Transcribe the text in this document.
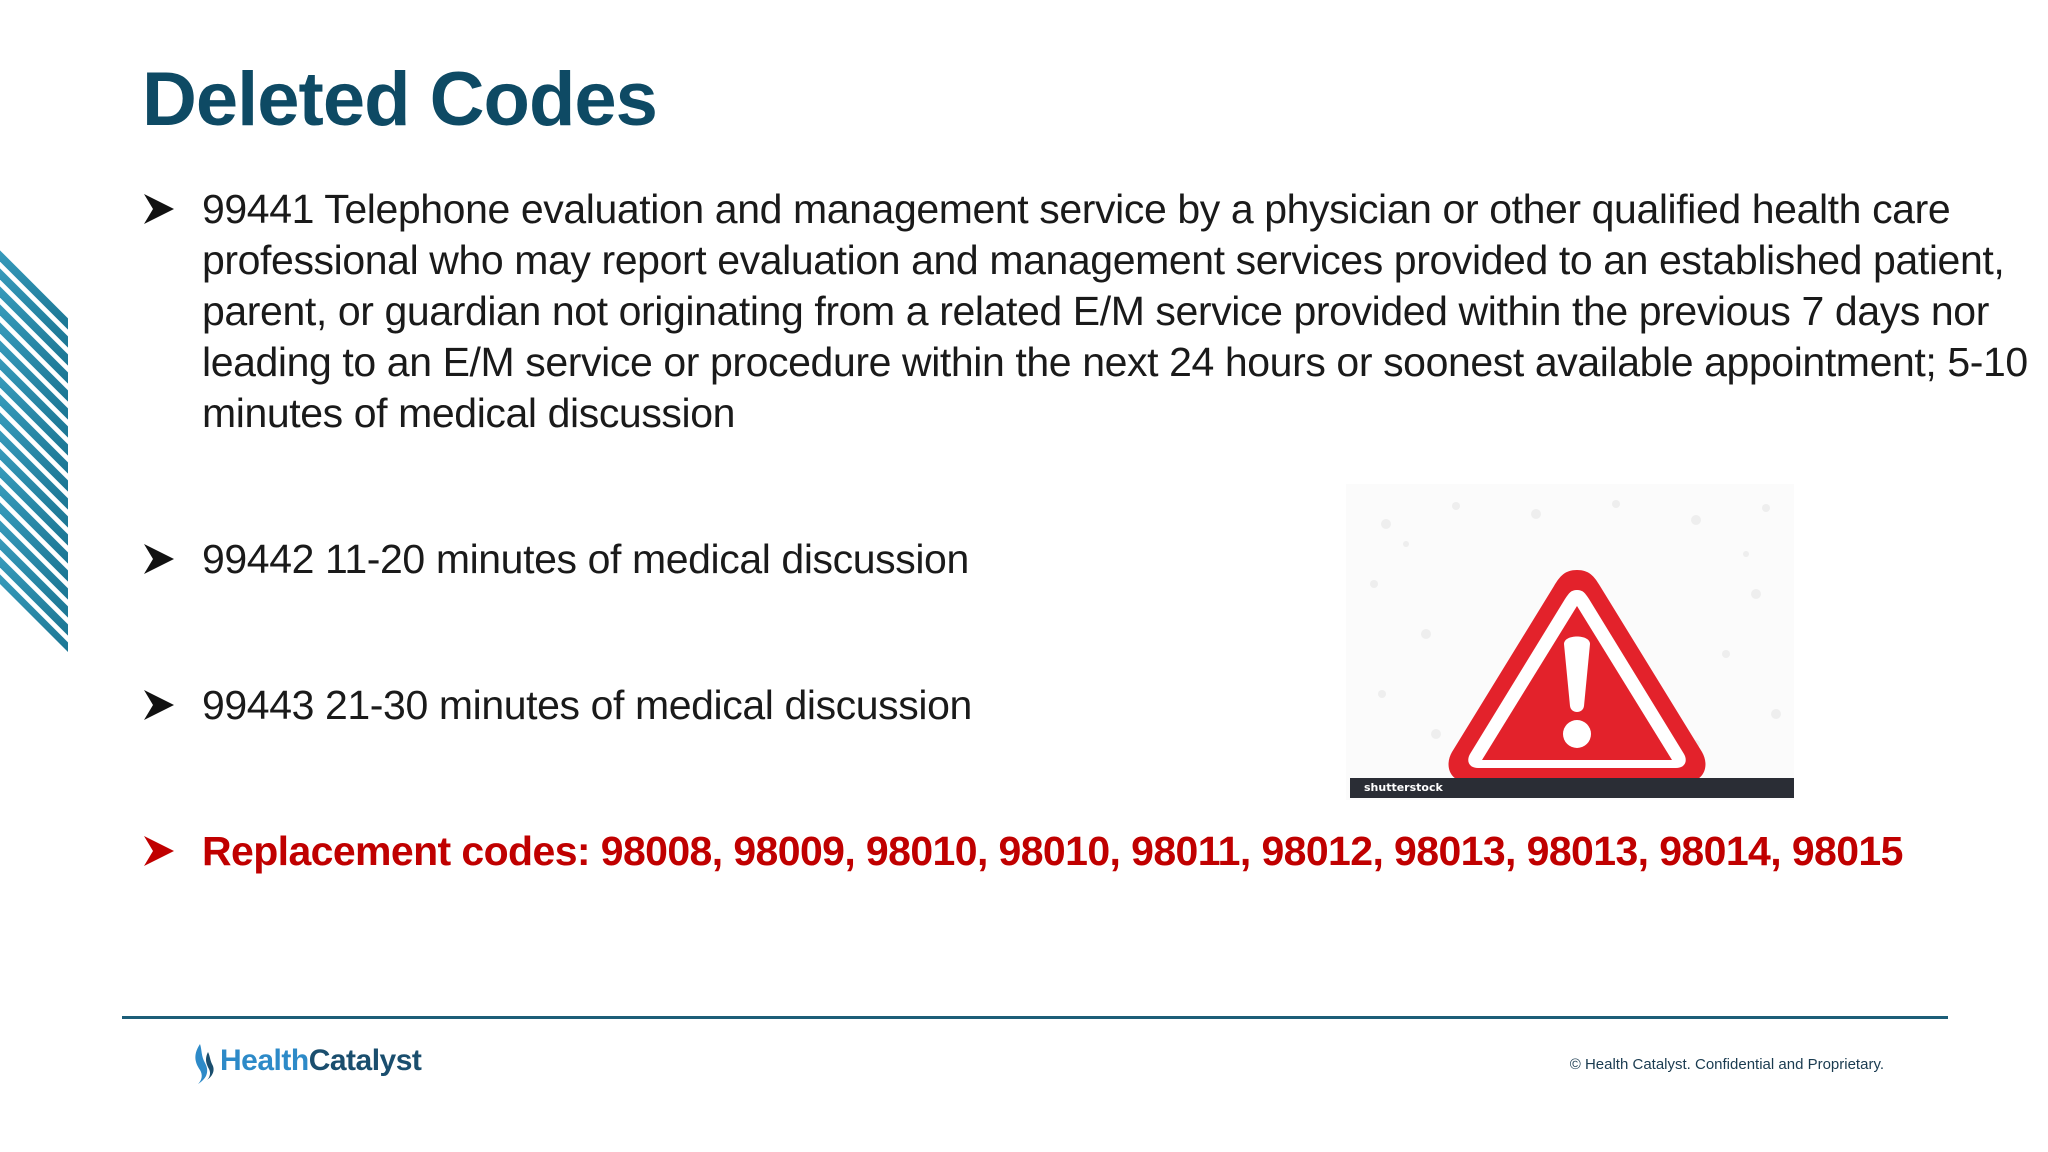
Deleted Codes
99441 Telephone evaluation and management service by a physician or other qualified health care professional who may report evaluation and management services provided to an established patient, parent, or guardian not originating from a related E/M service provided within the previous 7 days nor leading to an E/M service or procedure within the next 24 hours or soonest available appointment; 5-10 minutes of medical discussion
99442 11-20 minutes of medical discussion
99443 21-30 minutes of medical discussion
Replacement codes: 98008, 98009, 98010, 98010, 98011, 98012, 98013, 98013, 98014, 98015
shutterstock
HealthCatalyst	© Health Catalyst. Confidential and Proprietary.
